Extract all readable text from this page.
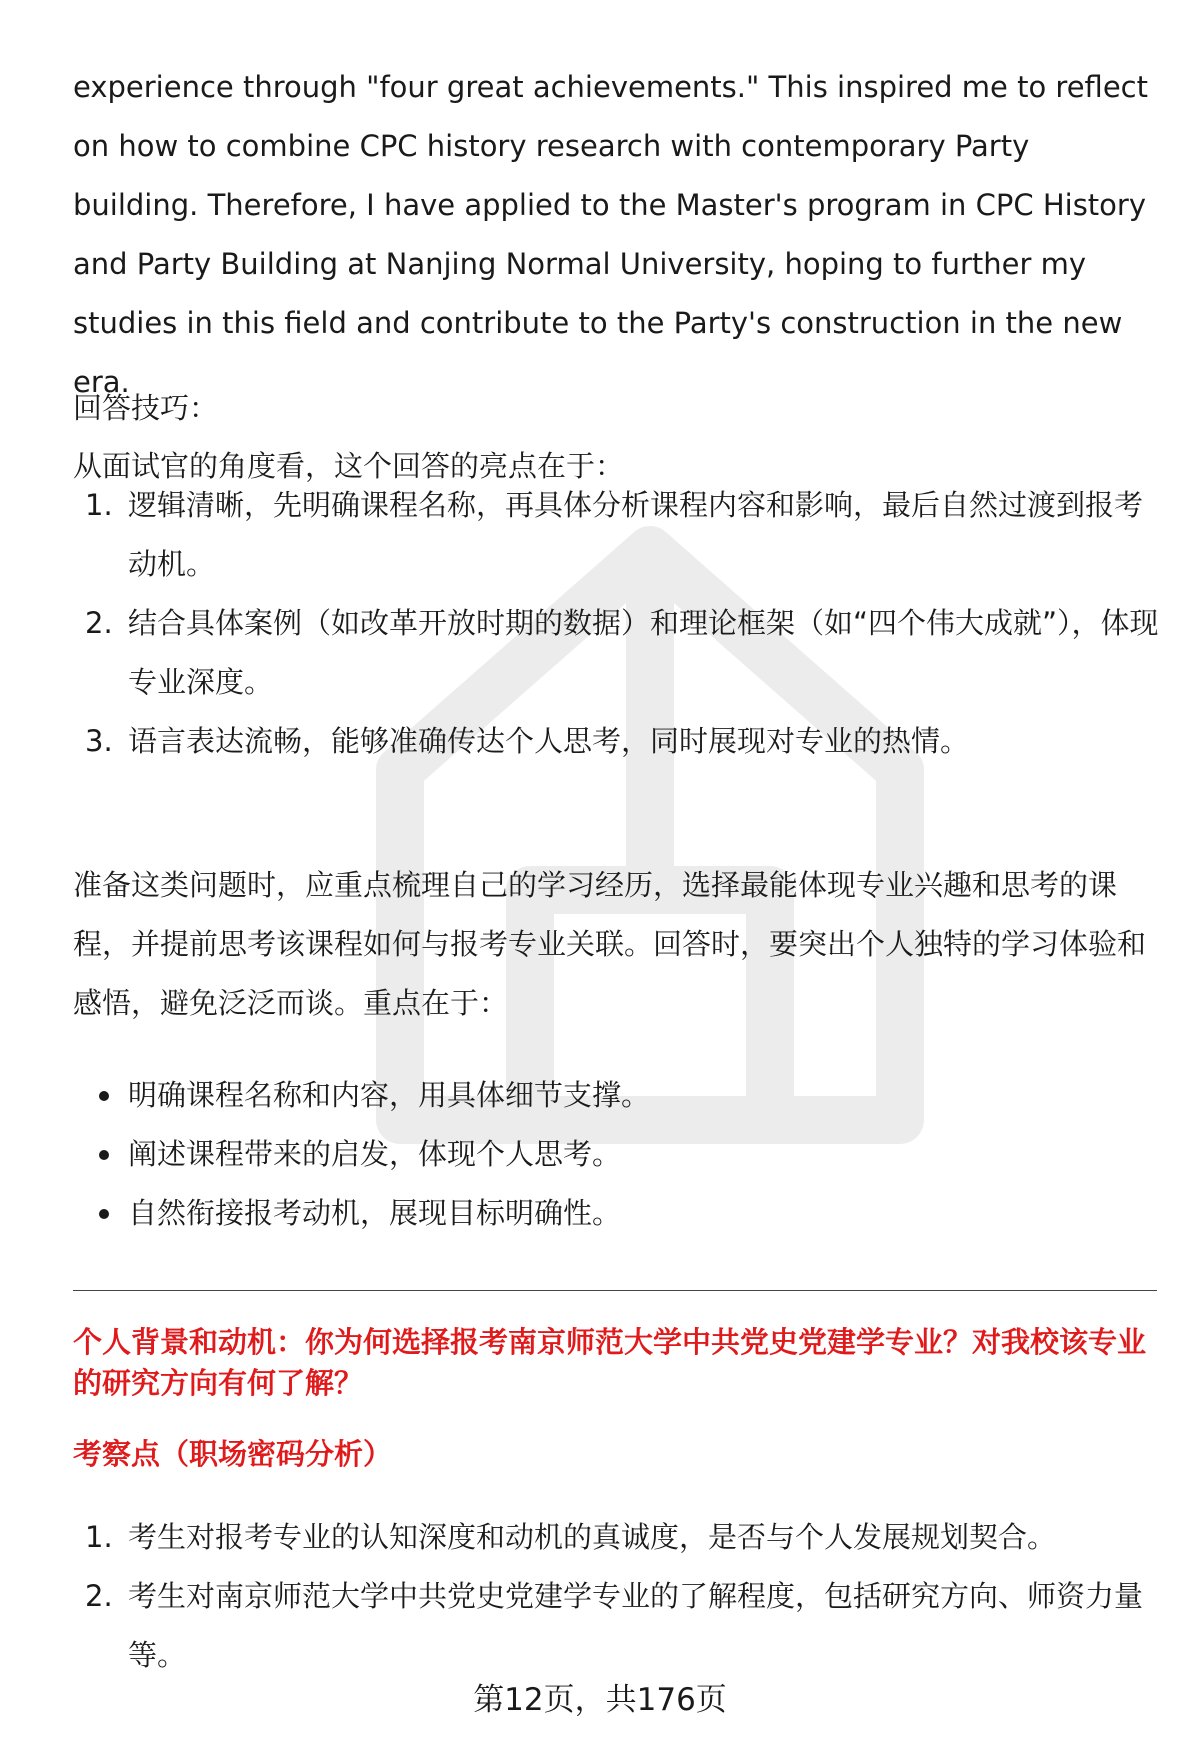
experience through "four great achievements." This inspired me to reflect on how to combine CPC history research with contemporary Party building. Therefore, I have applied to the Master's program in CPC History and Party Building at Nanjing Normal University, hoping to further my studies in this field and contribute to the Party's construction in the new era.

回答技巧：

从面试官的角度看，这个回答的亮点在于：

1. 逻辑清晰，先明确课程名称，再具体分析课程内容和影响，最后自然过渡到报考动机。
2. 结合具体案例（如改革开放时期的数据）和理论框架（如“四个伟大成就”），体现专业深度。
3. 语言表达流畅，能够准确传达个人思考，同时展现对专业的热情。

准备这类问题时，应重点梳理自己的学习经历，选择最能体现专业兴趣和思考的课程，并提前思考该课程如何与报考专业关联。回答时，要突出个人独特的学习体验和感悟，避免泛泛而谈。重点在于：

明确课程名称和内容，用具体细节支撑。
阐述课程带来的启发，体现个人思考。
自然衔接报考动机，展现目标明确性。

个人背景和动机：你为何选择报考南京师范大学中共党史党建学专业？对我校该专业的研究方向有何了解？

考察点（职场密码分析）

1. 考生对报考专业的认知深度和动机的真诚度，是否与个人发展规划契合。
2. 考生对南京师范大学中共党史党建学专业的了解程度，包括研究方向、师资力量等。
第12页，共176页
